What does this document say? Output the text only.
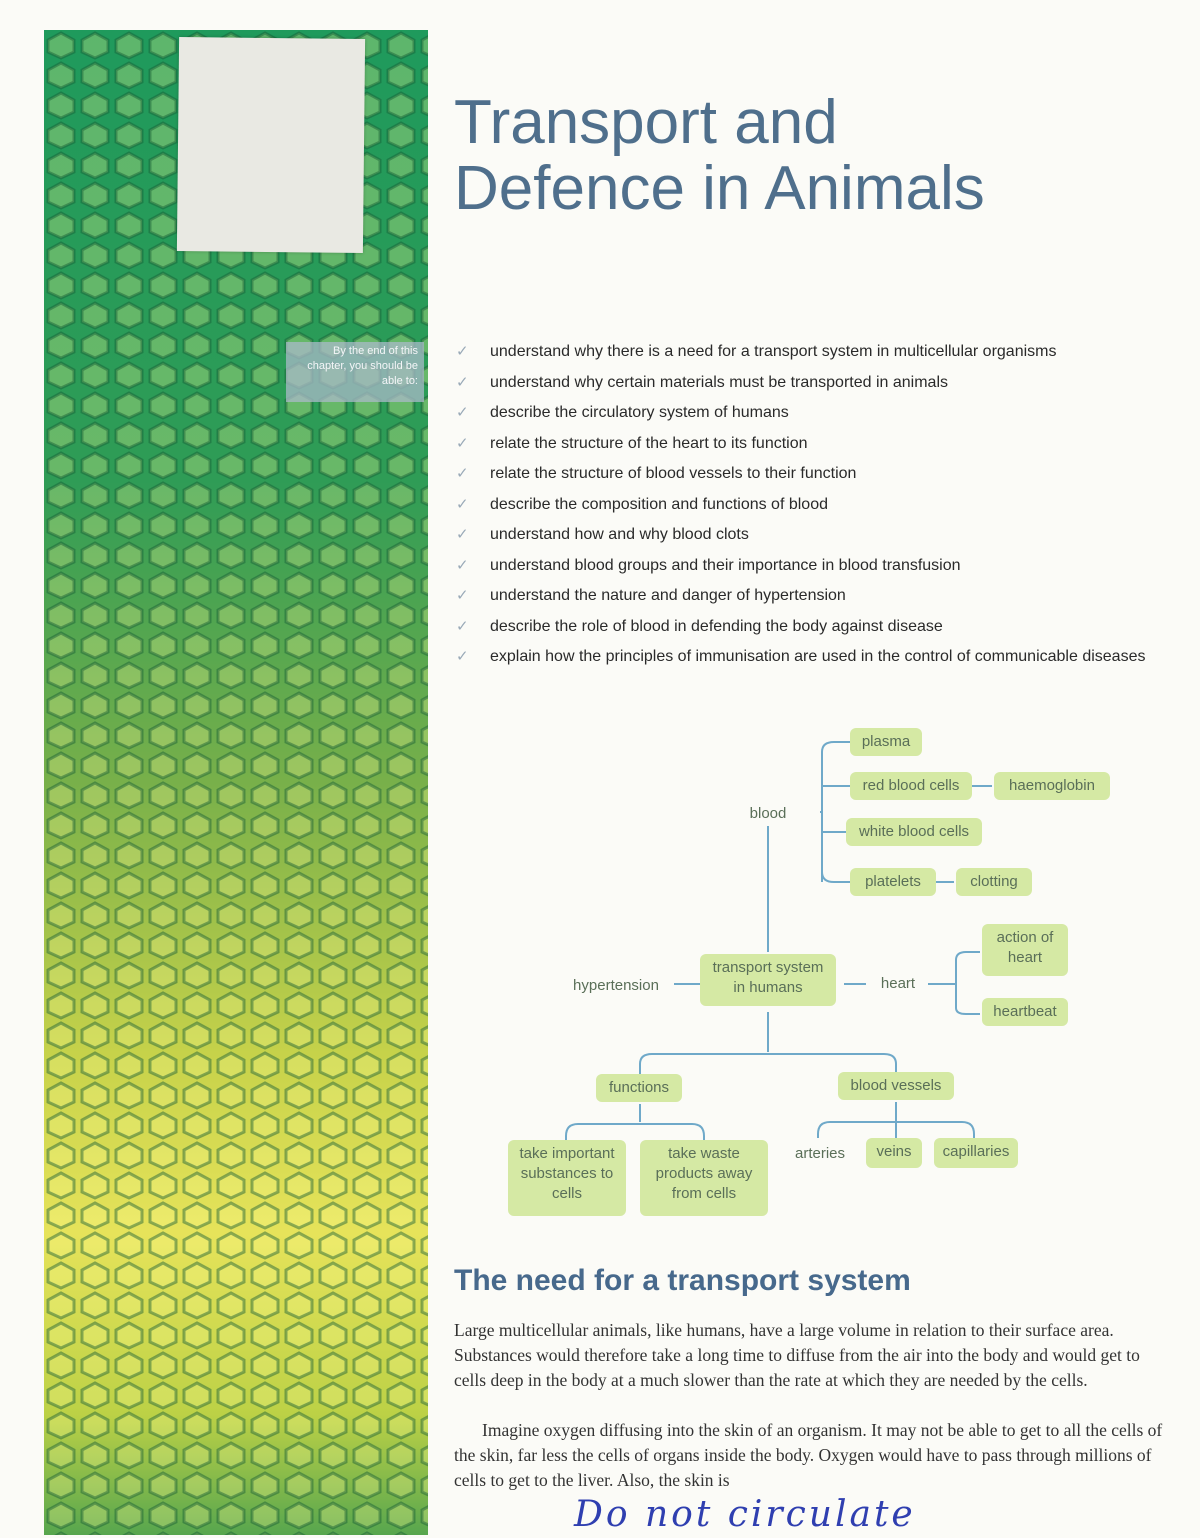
By the end of this chapter, you should be able to:
Transport and
Defence in Animals
✓ understand why there is a need for a transport system in multicellular organisms
✓ understand why certain materials must be transported in animals
✓ describe the circulatory system of humans
✓ relate the structure of the heart to its function
✓ relate the structure of blood vessels to their function
✓ describe the composition and functions of blood
✓ understand how and why blood clots
✓ understand blood groups and their importance in blood transfusion
✓ understand the nature and danger of hypertension
✓ describe the role of blood in defending the body against disease
✓ explain how the principles of immunisation are used in the control of communicable diseases
plasma
red blood cells	haemoglobin
blood
white blood cells
platelets	clotting
action of heart
hypertension
transport system in humans	heart
heartbeat
functions	blood vessels
take important substances to cells
take waste products away from cells
arteries	veins	capillaries
The need for a transport system

Large multicellular animals, like humans, have a large volume in relation to their surface area. Substances would therefore take a long time to diffuse from the air into the body and would get to cells deep in the body at a much slower than the rate at which they are needed by the cells.

Imagine oxygen diffusing into the skin of an organism. It may not be able to get to all the cells of the skin, far less the cells of organs inside the body. Oxygen would have to pass through millions of cells to get to the liver. Also, the skin is

Do not circulate
